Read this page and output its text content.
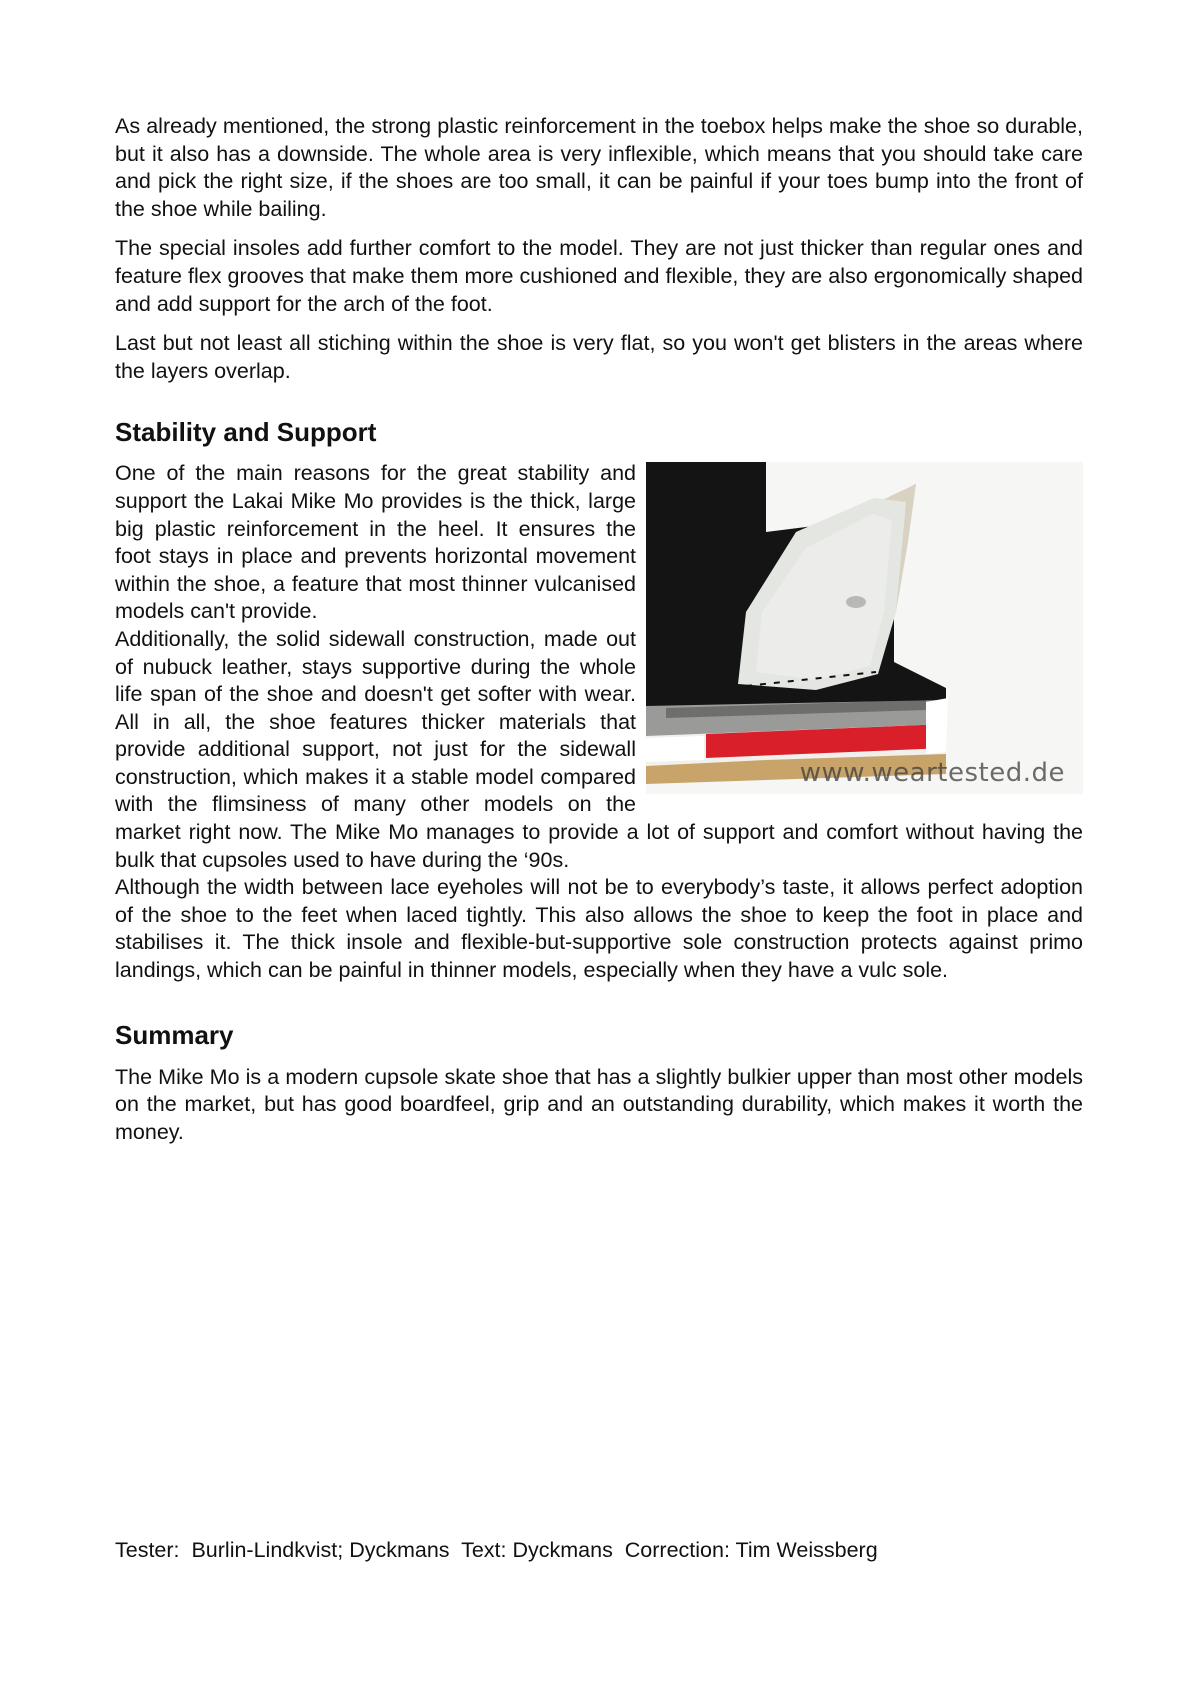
As already mentioned, the strong plastic reinforcement in the toebox helps make the shoe so durable, but it also has a downside. The whole area is very inflexible, which means that you should take care and pick the right size, if the shoes are too small, it can be painful if your toes bump into the front of the shoe while bailing.

The special insoles add further comfort to the model. They are not just thicker than regular ones and feature flex grooves that make them more cushioned and flexible, they are also ergonomically shaped and add support for the arch of the foot.

Last but not least all stiching within the shoe is very flat, so you won't get blisters in the areas where the layers overlap.

Stability and Support
www.weartested.de

One of the main reasons for the great stability and support the Lakai Mike Mo provides is the thick, large big plastic reinforcement in the heel. It ensures the foot stays in place and prevents horizontal movement within the shoe, a feature that most thinner vulcanised models can't provide.

Additionally, the solid sidewall construction, made out of nubuck leather, stays supportive during the whole life span of the shoe and doesn't get softer with wear. All in all, the shoe features thicker materials that provide additional support, not just for the sidewall construction, which makes it a stable model compared with the flimsiness of many other models on the market right now. The Mike Mo manages to provide a lot of support and comfort without having the bulk that cupsoles used to have during the ‘90s.

Although the width between lace eyeholes will not be to everybody’s taste, it allows perfect adoption of the shoe to the feet when laced tightly. This also allows the shoe to keep the foot in place and stabilises it. The thick insole and flexible-but-supportive sole construction protects against primo landings, which can be painful in thinner models, especially when they have a vulc sole.

Summary

The Mike Mo is a modern cupsole skate shoe that has a slightly bulkier upper than most other models on the market, but has good boardfeel, grip and an outstanding durability, which makes it worth the money.

Tester:  Burlin-Lindkvist; Dyckmans  Text: Dyckmans  Correction: Tim Weissberg
